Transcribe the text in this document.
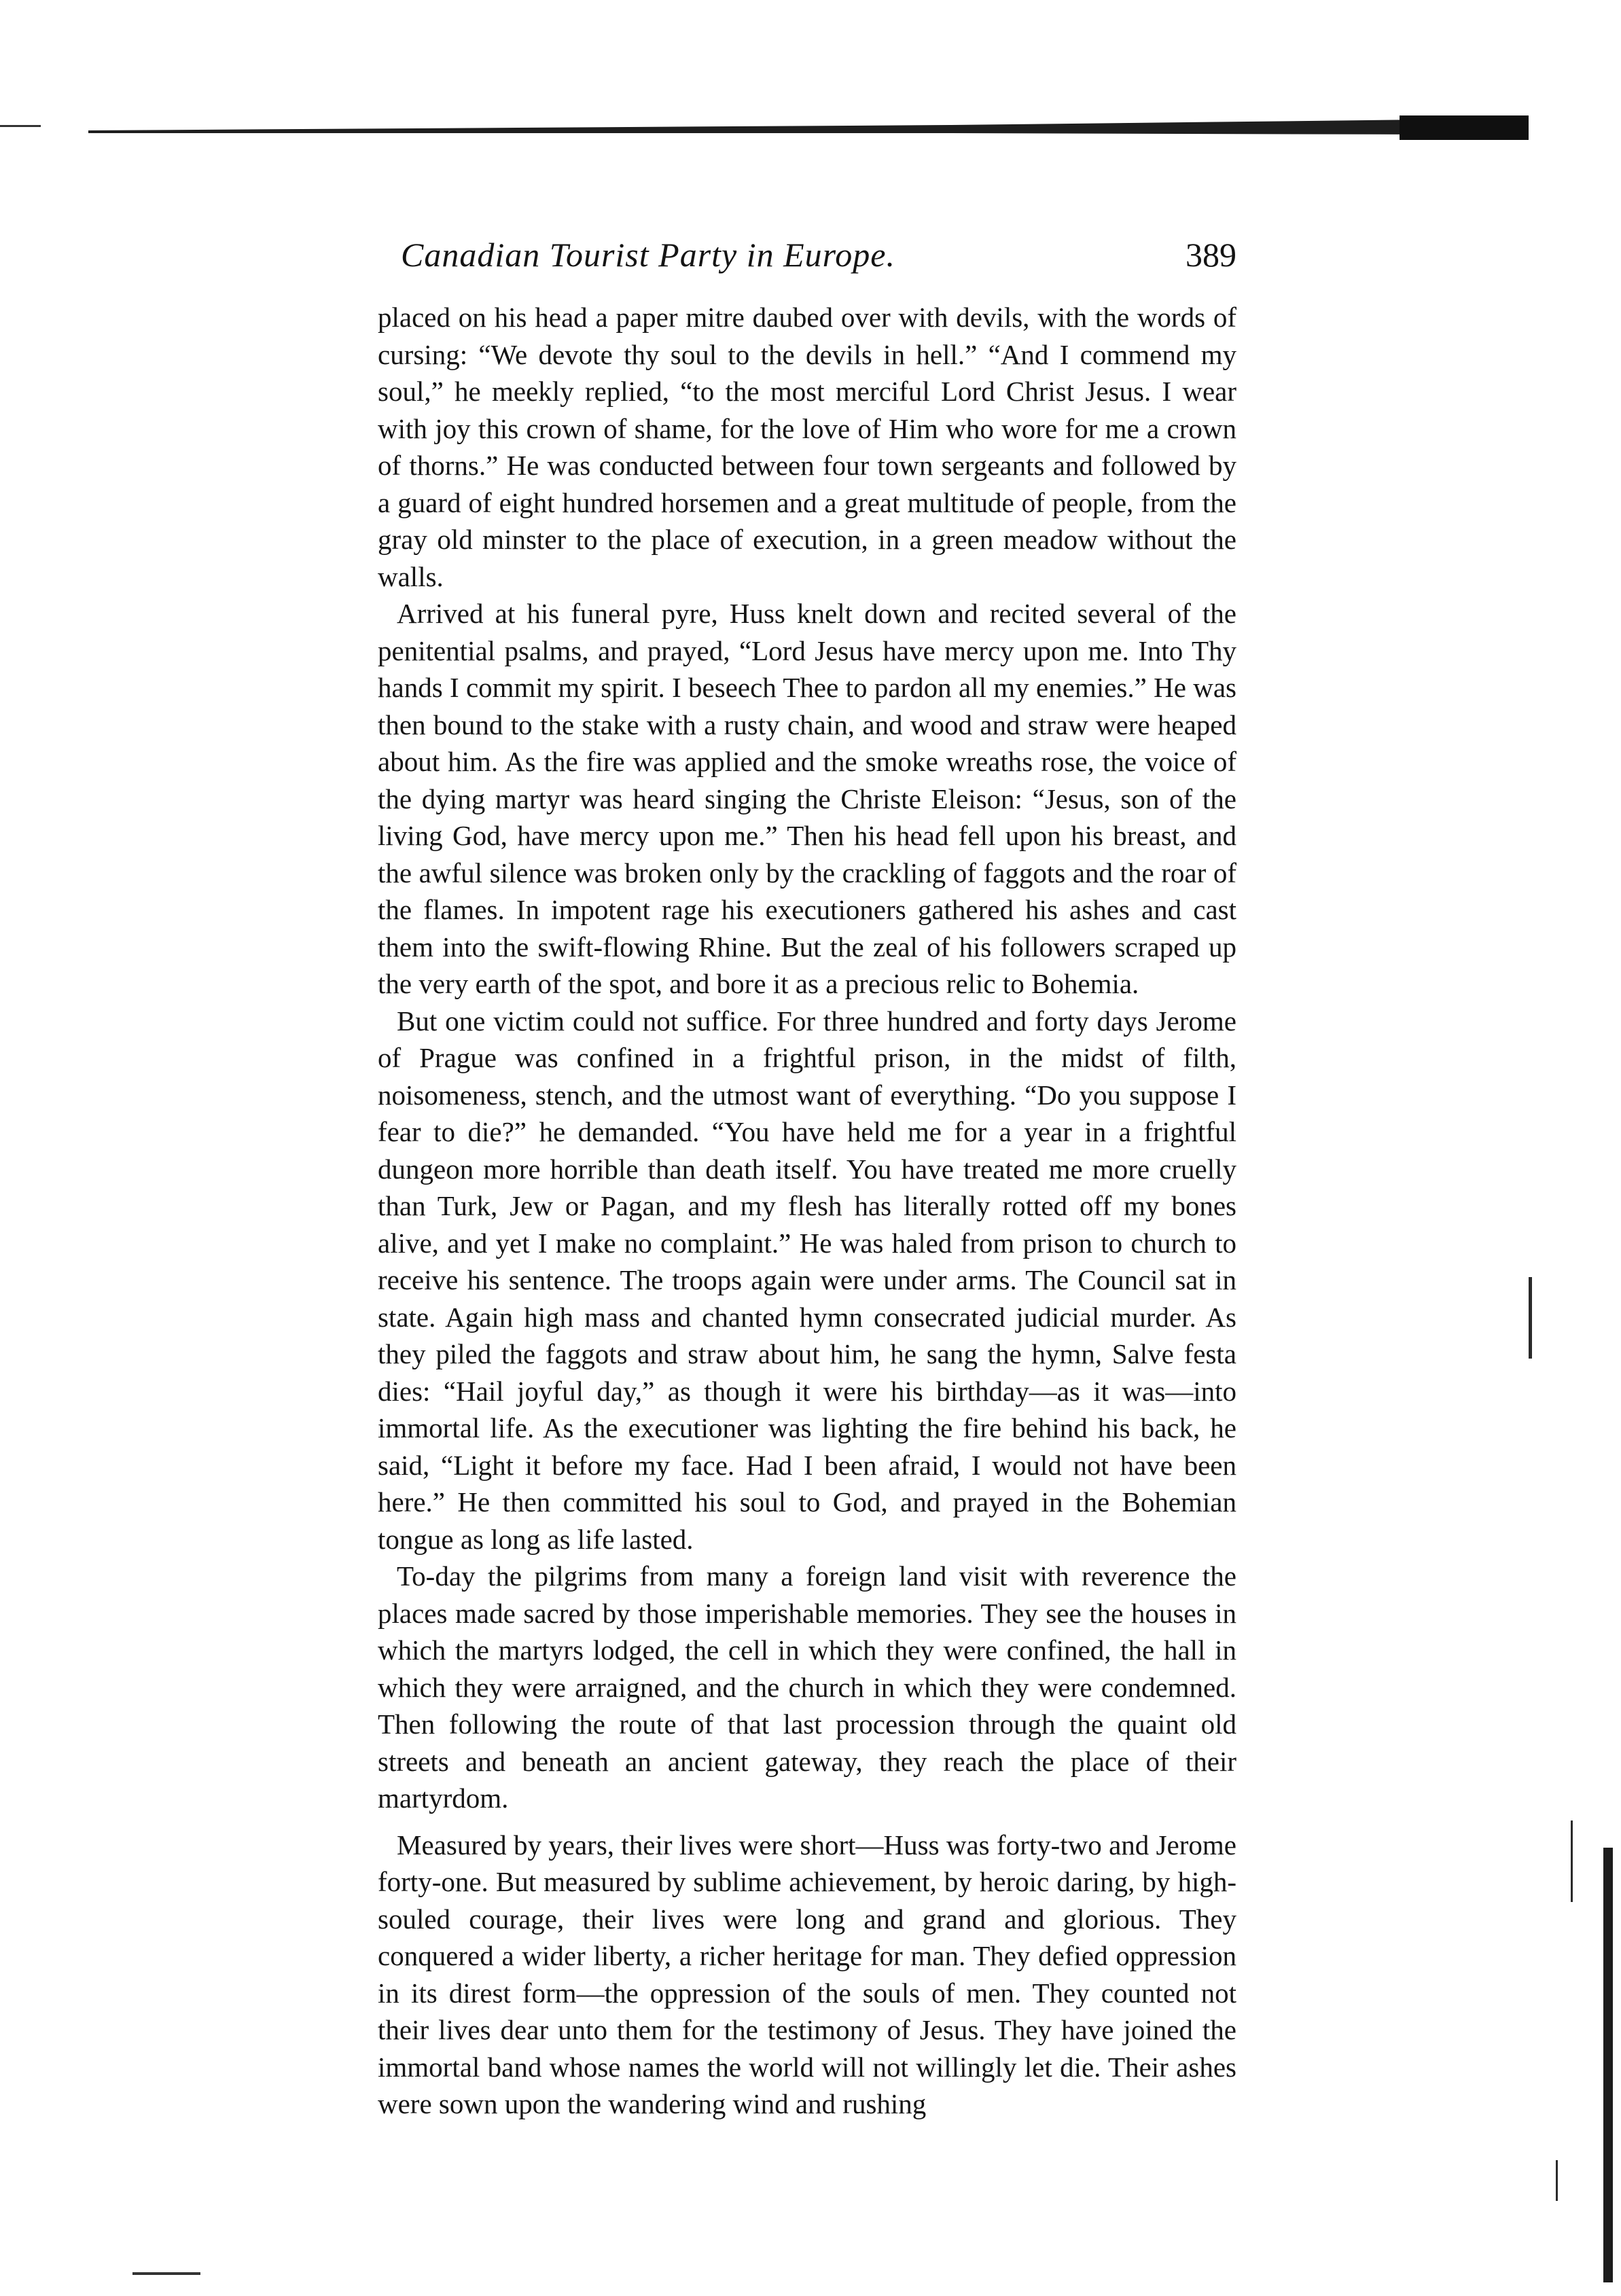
Canadian Tourist Party in Europe.	389

placed on his head a paper mitre daubed over with devils, with the words of cursing: “We devote thy soul to the devils in hell.” “And I commend my soul,” he meekly replied, “to the most merciful Lord Christ Jesus. I wear with joy this crown of shame, for the love of Him who wore for me a crown of thorns.” He was conducted between four town sergeants and followed by a guard of eight hundred horsemen and a great multitude of people, from the gray old minster to the place of execution, in a green meadow without the walls.

Arrived at his funeral pyre, Huss knelt down and recited several of the penitential psalms, and prayed, “Lord Jesus have mercy upon me. Into Thy hands I commit my spirit. I beseech Thee to pardon all my enemies.” He was then bound to the stake with a rusty chain, and wood and straw were heaped about him. As the fire was applied and the smoke wreaths rose, the voice of the dying martyr was heard singing the Christe Eleison: “Jesus, son of the living God, have mercy upon me.” Then his head fell upon his breast, and the awful silence was broken only by the crackling of faggots and the roar of the flames. In impotent rage his executioners gathered his ashes and cast them into the swift-flowing Rhine. But the zeal of his followers scraped up the very earth of the spot, and bore it as a precious relic to Bohemia.

But one victim could not suffice. For three hundred and forty days Jerome of Prague was confined in a frightful prison, in the midst of filth, noisomeness, stench, and the utmost want of everything. “Do you suppose I fear to die?” he demanded. “You have held me for a year in a frightful dungeon more horrible than death itself. You have treated me more cruelly than Turk, Jew or Pagan, and my flesh has literally rotted off my bones alive, and yet I make no complaint.” He was haled from prison to church to receive his sentence. The troops again were under arms. The Council sat in state. Again high mass and chanted hymn consecrated judicial murder. As they piled the faggots and straw about him, he sang the hymn, Salve festa dies: “Hail joyful day,” as though it were his birthday—as it was—into immortal life. As the executioner was lighting the fire behind his back, he said, “Light it before my face. Had I been afraid, I would not have been here.” He then committed his soul to God, and prayed in the Bohemian tongue as long as life lasted.

To-day the pilgrims from many a foreign land visit with reverence the places made sacred by those imperishable memories. They see the houses in which the martyrs lodged, the cell in which they were confined, the hall in which they were arraigned, and the church in which they were condemned. Then following the route of that last procession through the quaint old streets and beneath an ancient gateway, they reach the place of their martyrdom.

Measured by years, their lives were short—Huss was forty-two and Jerome forty-one. But measured by sublime achievement, by heroic daring, by high-souled courage, their lives were long and grand and glorious. They conquered a wider liberty, a richer heritage for man. They defied oppression in its direst form—the oppression of the souls of men. They counted not their lives dear unto them for the testimony of Jesus. They have joined the immortal band whose names the world will not willingly let die. Their ashes were sown upon the wandering wind and rushing
